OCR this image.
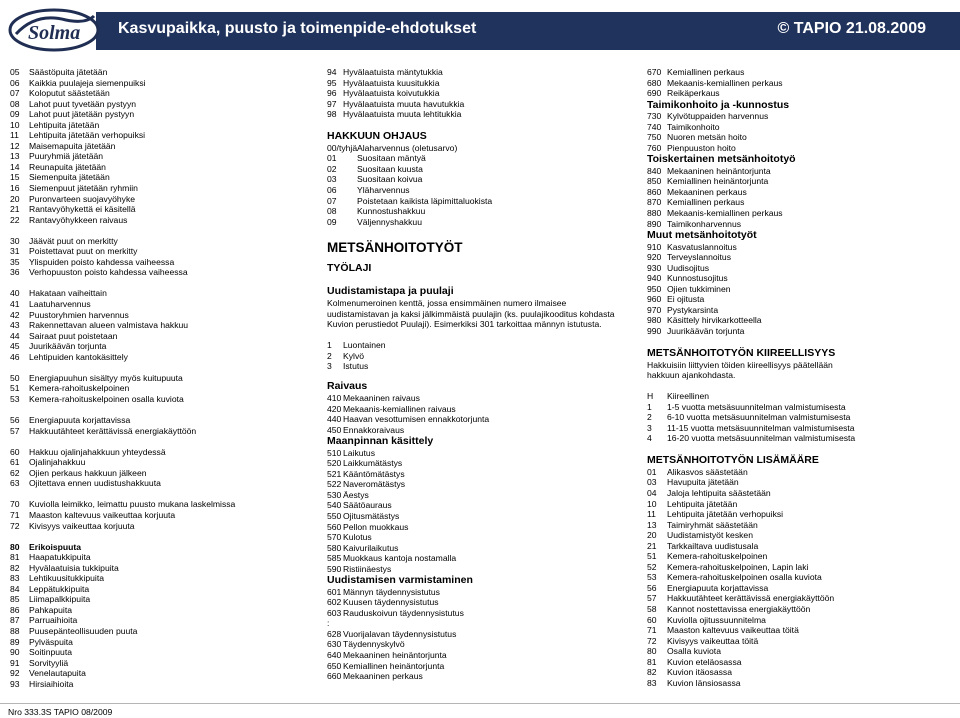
Solma Kasvupaikka, puusto ja toimenpide-ehdotukset	© TAPIO 21.08.2009
05	Säästöpuita jätetään
06	Kaikkia puulajeja siemenpuiksi
07	Koloputut säästetään
08	Lahot puut tyvetään pystyyn
09	Lahot puut jätetään pystyyn
10	Lehtipuita jätetään
11	Lehtipuita jätetään verhopuiksi
12	Maisemapuita jätetään
13	Puuryhmiä jätetään
14	Reunapuita jätetään
15	Siemenpuita jätetään
16	Siemenpuut jätetään ryhmiin
20	Puronvarteen suojavyöhyke
21	Rantavyöhykettä ei käsitellä
22	Rantavyöhykkeen raivaus
30	Jäävät puut on merkitty
31	Poistettavat puut on merkitty
35	Ylispuiden poisto kahdessa vaiheessa
36	Verhopuuston poisto kahdessa vaiheessa
40	Hakataan vaiheittain
41	Laatuharvennus
42	Puustoryhmien harvennus
43	Rakennettavan alueen valmistava hakkuu
44	Sairaat puut poistetaan
45	Juurikäävän torjunta
46	Lehtipuiden kantokäsittely
50	Energiapuuhun sisältyy myös kuitupuuta
51	Kemera-rahoituskelpoinen
53	Kemera-rahoituskelpoinen osalla kuviota
56	Energiapuuta korjattavissa
57	Hakkuutähteet kerättävissä energiakäyttöön
60	Hakkuu ojalinjahakkuun yhteydessä
61	Ojalinjahakkuu
62	Ojien perkaus hakkuun jälkeen
63	Ojitettava ennen uudistushakkuuta
70	Kuviolla leimikko, leimattu puusto mukana laskelmissa
71	Maaston kaltevuus vaikeuttaa korjuuta
72	Kivisyys vaikeuttaa korjuuta
80	Erikoispuuta
81	Haapatukkipuita
82	Hyvälaatuisia tukkipuita
83	Lehtikuusitukkipuita
84	Leppätukkipuita
85	Liimapalkkipuita
86	Pahkapuita
87	Parruaihioita
88	Puusepänteollisuuden puuta
89	Pylväspuita
90	Soitinpuuta
91	Sorvityyliä
92	Venelautapuita
93	Hirsiaihioita
94 Hyvälaatuista mäntytukkia
95 Hyvälaatuista kuusitukkia
96 Hyvälaatuista koivutukkia
97 Hyvälaatuista muuta havutukkia
98 Hyvälaatuista muuta lehtitukkia
HAKKUUN OHJAUS
00/tyhjä Alaharvennus (oletusarvo)
01	Suositaan mäntyä
02	Suositaan kuusta
03	Suositaan koivua
06	Yläharvennus
07	Poistetaan kaikista läpimittaluokista
08	Kunnostushakkuu
09	Väljennyshakkuu
METSÄNHOITOTYÖT
TYÖLAJI
Uudistamistapa ja puulaji
Kolmenumeroinen kenttä, jossa ensimmäinen numero ilmaisee
uudistamistavan ja kaksi jälkimmäistä puulajin (ks. puulajikooditus kohdasta
Kuvion perustiedot Puulaji). Esimerkiksi 301 tarkoittaa männyn istutusta.
1	Luontainen
2	Kylvö
3	Istutus
Raivaus
410 Mekaaninen raivaus
420 Mekaanis-kemiallinen raivaus
440 Haavan vesottumisen ennakkotorjunta
450 Ennakkoraivaus
Maanpinnan käsittely
510 Laikutus
520 Laikkumätästys
521 Kääntömätästys
522 Naveromätästys
530 Äestys
540 Säätöauraus
550 Ojitusmätästys
560 Pellon muokkaus
570 Kulotus
580 Kaivurilaikutus
585 Muokkaus kantoja nostamalla
590 Ristiinäestys
Uudistamisen varmistaminen
601 Männyn täydennysistutus
602 Kuusen täydennysistutus
603 Rauduskoivun täydennysistutus
:
628 Vuorijalavan täydennysistutus
630 Täydennyskylvö
640 Mekaaninen heinäntorjunta
650 Kemiallinen heinäntorjunta
660 Mekaaninen perkaus
670 Kemiallinen perkaus
680 Mekaanis-kemiallinen perkaus
690 Reikäperkaus
Taimikonhoito ja -kunnostus
730 Kylvötuppaiden harvennus
740 Taimikonhoito
750 Nuoren metsän hoito
760 Pienpuuston hoito
Toiskertainen metsänhoitotyö
840 Mekaaninen heinäntorjunta
850 Kemiallinen heinäntorjunta
860 Mekaaninen perkaus
870 Kemiallinen perkaus
880 Mekaanis-kemiallinen perkaus
890 Taimikonharvennus
Muut metsänhoitotyöt
910 Kasvatuslannoitus
920 Terveyslannoitus
930 Uudisojitus
940 Kunnostusojitus
950 Ojien tukkiminen
960 Ei ojitusta
970 Pystykarsinta
980 Käsittely hirvikarkotteella
990 Juurikäävän torjunta
METSÄNHOITOTYÖN KIIREELLISYYS
Hakkuisiin liittyvien töiden kiireellisyys päätellään
hakkuun ajankohdasta.
H	Kiireellinen
1	1-5 vuotta metsäsuunnitelman valmistumisesta
2	6-10 vuotta metsäsuunnitelman valmistumisesta
3	11-15 vuotta metsäsuunnitelman valmistumisesta
4	16-20 vuotta metsäsuunnitelman valmistumisesta
METSÄNHOITOTYÖN LISÄMÄÄRE
01	Alikasvos säästetään
03	Havupuita jätetään
04	Jaloja lehtipuita säästetään
10	Lehtipuita jätetään
11	Lehtipuita jätetään verhopuiksi
13	Taimiryhmät säästetään
20	Uudistamistyöt kesken
21	Tarkkailtava uudistusala
51	Kemera-rahoituskelpoinen
52	Kemera-rahoituskelpoinen, Lapin laki
53	Kemera-rahoituskelpoinen osalla kuviota
56	Energiapuuta korjattavissa
57	Hakkuutähteet kerättävissä energiakäyttöön
58	Kannot nostettavissa energiakäyttöön
60	Kuviolla ojitussuunnitelma
71	Maaston kaltevuus vaikeuttaa töitä
72	Kivisyys vaikeuttaa töitä
80	Osalla kuviota
81	Kuvion eteläosassa
82	Kuvion itäosassa
83	Kuvion länsiosassa
Nro 333.3S TAPIO 08/2009
